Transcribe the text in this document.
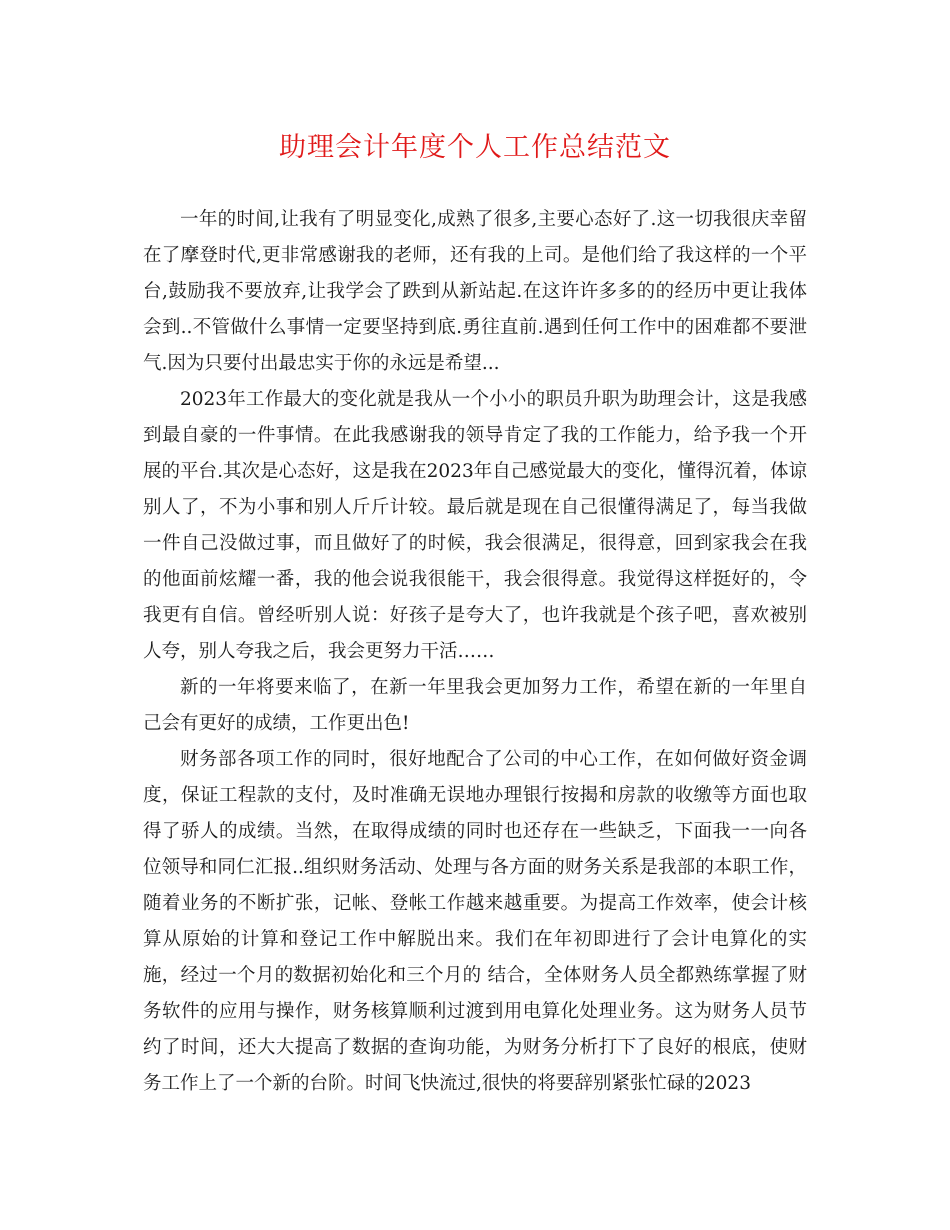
助理会计年度个人工作总结范文

一年的时间,让我有了明显变化,成熟了很多,主要心态好了.这一切我很庆幸留在了摩登时代,更非常感谢我的老师，还有我的上司。是他们给了我这样的一个平台,鼓励我不要放弃,让我学会了跌到从新站起.在这许许多多的的经历中更让我体会到..不管做什么事情一定要坚持到底.勇往直前.遇到任何工作中的困难都不要泄气.因为只要付出最忠实于你的永远是希望...

2023年工作最大的变化就是我从一个小小的职员升职为助理会计，这是我感到最自豪的一件事情。在此我感谢我的领导肯定了我的工作能力，给予我一个开展的平台.其次是心态好，这是我在2023年自己感觉最大的变化，懂得沉着，体谅别人了，不为小事和别人斤斤计较。最后就是现在自己很懂得满足了，每当我做一件自己没做过事，而且做好了的时候，我会很满足，很得意，回到家我会在我的他面前炫耀一番，我的他会说我很能干，我会很得意。我觉得这样挺好的，令我更有自信。曾经听别人说：好孩子是夸大了，也许我就是个孩子吧，喜欢被别人夸，别人夸我之后，我会更努力干活……

新的一年将要来临了，在新一年里我会更加努力工作，希望在新的一年里自己会有更好的成绩，工作更出色!

财务部各项工作的同时，很好地配合了公司的中心工作，在如何做好资金调度，保证工程款的支付，及时准确无误地办理银行按揭和房款的收缴等方面也取得了骄人的成绩。当然，在取得成绩的同时也还存在一些缺乏，下面我一一向各位领导和同仁汇报..组织财务活动、处理与各方面的财务关系是我部的本职工作，随着业务的不断扩张，记帐、登帐工作越来越重要。为提高工作效率，使会计核算从原始的计算和登记工作中解脱出来。我们在年初即进行了会计电算化的实施，经过一个月的数据初始化和三个月的 结合，全体财务人员全都熟练掌握了财务软件的应用与操作，财务核算顺利过渡到用电算化处理业务。这为财务人员节约了时间，还大大提高了数据的查询功能，为财务分析打下了良好的根底，使财务工作上了一个新的台阶。时间飞快流过,很快的将要辞别紧张忙碌的2023
